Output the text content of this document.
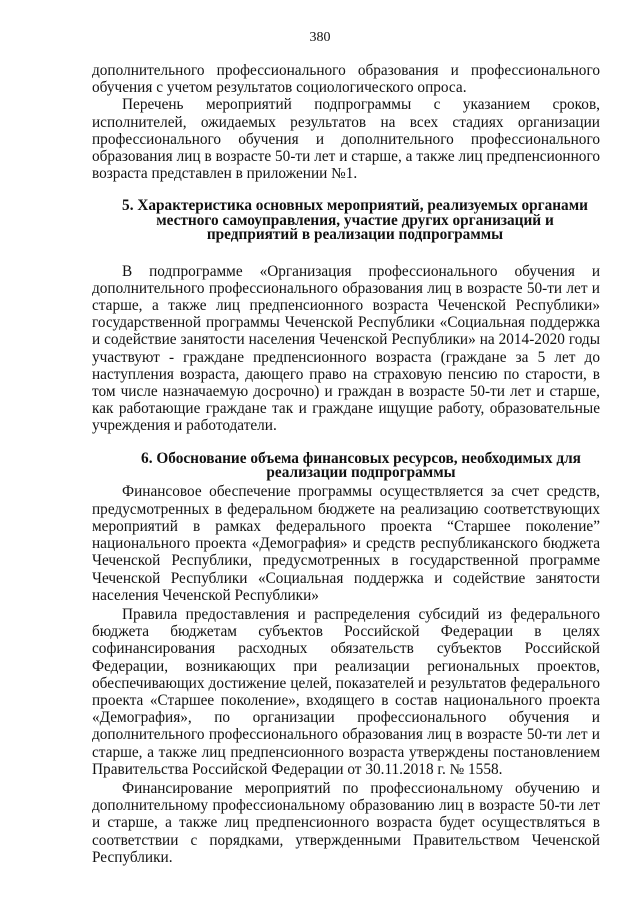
380

дополнительного профессионального образования и профессионального обучения с учетом результатов социологического опроса.

Перечень мероприятий подпрограммы с указанием сроков, исполнителей, ожидаемых результатов на всех стадиях организации профессионального обучения и дополнительного профессионального образования лиц в возрасте 50-ти лет и старше, а также лиц предпенсионного возраста представлен в приложении №1.

5. Характеристика основных мероприятий, реализуемых органами местного самоуправления, участие других организаций и предприятий в реализации подпрограммы

В подпрограмме «Организация профессионального обучения и дополнительного профессионального образования лиц в возрасте 50-ти лет и старше, а также лиц предпенсионного возраста Чеченской Республики» государственной программы Чеченской Республики «Социальная поддержка и содействие занятости населения Чеченской Республики» на 2014-2020 годы участвуют - граждане предпенсионного возраста (граждане за 5 лет до наступления возраста, дающего право на страховую пенсию по старости, в том числе назначаемую досрочно) и граждан в возрасте 50-ти лет и старше, как работающие граждане так и граждане ищущие работу, образовательные учреждения и работодатели.

6. Обоснование объема финансовых ресурсов, необходимых для реализации подпрограммы

Финансовое обеспечение программы осуществляется за счет средств, предусмотренных в федеральном бюджете на реализацию соответствующих мероприятий в рамках федерального проекта “Старшее поколение” национального проекта «Демография» и средств республиканского бюджета Чеченской Республики, предусмотренных в государственной программе Чеченской Республики «Социальная поддержка и содействие занятости населения Чеченской Республики»

Правила предоставления и распределения субсидий из федерального бюджета бюджетам субъектов Российской Федерации в целях софинансирования расходных обязательств субъектов Российской Федерации, возникающих при реализации региональных проектов, обеспечивающих достижение целей, показателей и результатов федерального проекта «Старшее поколение», входящего в состав национального проекта «Демография», по организации профессионального обучения и дополнительного профессионального образования лиц в возрасте 50-ти лет и старше, а также лиц предпенсионного возраста утверждены постановлением Правительства Российской Федерации от 30.11.2018 г. № 1558.

Финансирование мероприятий по профессиональному обучению и дополнительному профессиональному образованию лиц в возрасте 50-ти лет и старше, а также лиц предпенсионного возраста будет осуществляться в соответствии с порядками, утвержденными Правительством Чеченской Республики.
